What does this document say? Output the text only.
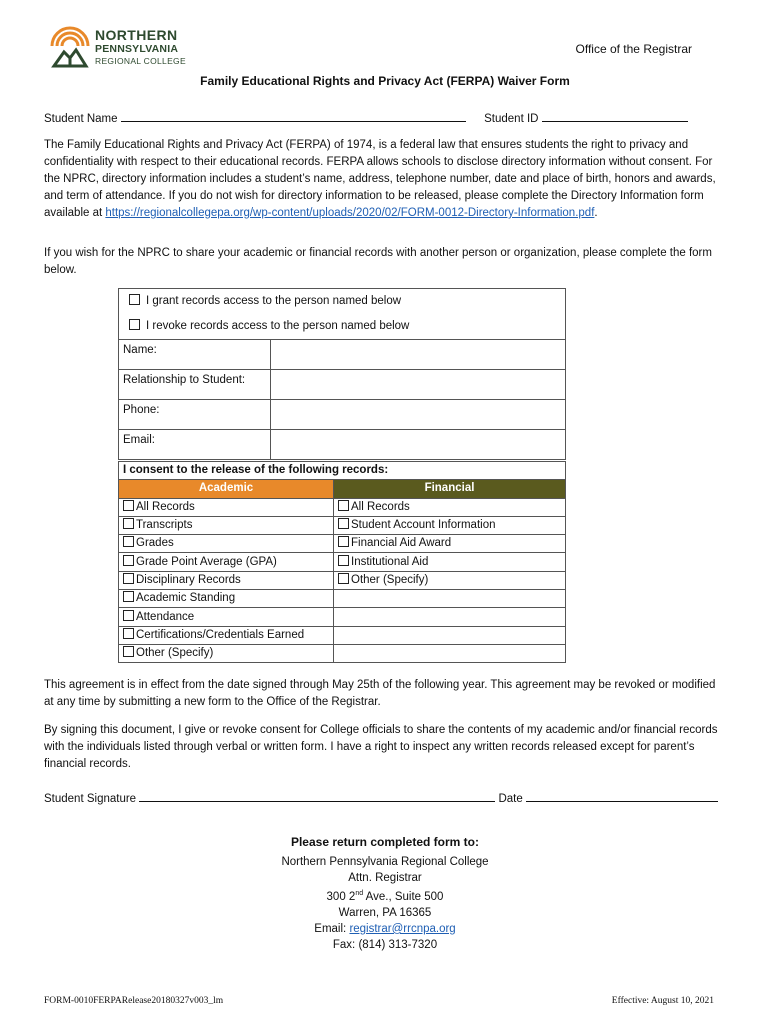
NORTHERN
PENNSYLVANIA
REGIONAL COLLEGE
Office of the Registrar
Family Educational Rights and Privacy Act (FERPA) Waiver Form
Student Name	Student ID
The Family Educational Rights and Privacy Act (FERPA) of 1974, is a federal law that ensures students the right to privacy and confidentiality with respect to their educational records. FERPA allows schools to disclose directory information without consent. For the NPRC, directory information includes a student’s name, address, telephone number, date and place of birth, honors and awards, and term of attendance. If you do not wish for directory information to be released, please complete the Directory Information form available at https://regionalcollegepa.org/wp-content/uploads/2020/02/FORM-0012-Directory-Information.pdf.
If you wish for the NPRC to share your academic or financial records with another person or organization, please complete the form below.
I grant records access to the person named below
I revoke records access to the person named below	

Name:	
Relationship to Student:	
Phone:	
Email:	
I consent to the release of the following records:	
Academic	Financial
All Records	All Records
Transcripts	Student Account Information
Grades	Financial Aid Award
Grade Point Average (GPA)	Institutional Aid
Disciplinary Records	Other (Specify)
Academic Standing	
Attendance	
Certifications/Credentials Earned	
Other (Specify)	
This agreement is in effect from the date signed through May 25th of the following year. This agreement may be revoked or modified at any time by submitting a new form to the Office of the Registrar.
By signing this document, I give or revoke consent for College officials to share the contents of my academic and/or financial records with the individuals listed through verbal or written form. I have a right to inspect any written records released except for parent’s financial records.
Student Signature	Date
Please return completed form to:
Northern Pennsylvania Regional College
Attn. Registrar
300 2nd Ave., Suite 500
Warren, PA 16365
Email: registrar@rrcnpa.org
Fax: (814) 313-7320
FORM-0010FERPARelease20180327v003_lm	Effective: August 10, 2021
